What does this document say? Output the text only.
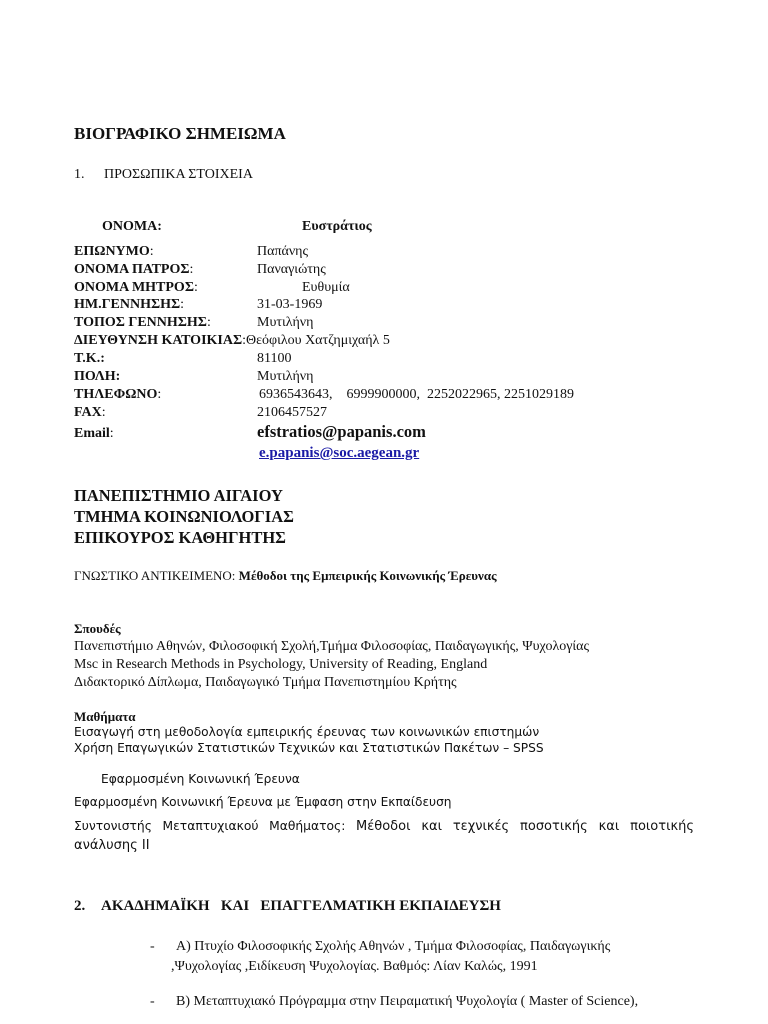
ΒΙΟΓΡΑΦΙΚΟ ΣΗΜΕΙΩΜΑ
1. ΠΡΟΣΩΠΙΚΑ ΣΤΟΙΧΕΙΑ
ΟΝΟΜΑ:	Ευστράτιος
ΕΠΩΝΥΜΟ:	Παπάνης
ΟΝΟΜΑ ΠΑΤΡΟΣ:	Παναγιώτης
ΟΝΟΜΑ ΜΗΤΡΟΣ:	Ευθυμία
ΗΜ.ΓΕΝΝΗΣΗΣ:	31-03-1969
ΤΟΠΟΣ ΓΕΝΝΗΣΗΣ:	Μυτιλήνη
ΔΙΕΥΘΥΝΣΗ ΚΑΤΟΙΚΙΑΣ:Θεόφιλου Χατζημιχαήλ 5
Τ.Κ.:	81100
ΠΟΛΗ:	Μυτιλήνη
ΤΗΛΕΦΩΝΟ:	6936543643,    6999900000,  2252022965, 2251029189
FAX:	2106457527
Email:	efstratios@papanis.com
e.papanis@soc.aegean.gr
ΠΑΝΕΠΙΣΤΗΜΙΟ ΑΙΓΑΙΟΥ
ΤΜΗΜΑ ΚΟΙΝΩΝΙΟΛΟΓΙΑΣ
ΕΠΙΚΟΥΡΟΣ ΚΑΘΗΓΗΤΗΣ
ΓΝΩΣΤΙΚΟ ΑΝΤΙΚΕΙΜΕΝΟ: Μέθοδοι της Εμπειρικής Κοινωνικής Έρευνας
Σπουδές
Πανεπιστήμιο Αθηνών, Φιλοσοφική Σχολή,Τμήμα Φιλοσοφίας, Παιδαγωγικής, Ψυχολογίας
Msc in Research Methods in Psychology, University of Reading, England
Διδακτορικό Δίπλωμα, Παιδαγωγικό Τμήμα Πανεπιστημίου Κρήτης
Μαθήματα
Εισαγωγή στη μεθοδολογία εμπειρικής έρευνας των κοινωνικών επιστημών
Χρήση Επαγωγικών Στατιστικών Τεχνικών και Στατιστικών Πακέτων – SPSS
Εφαρμοσμένη Κοινωνική Έρευνα
Εφαρμοσμένη Κοινωνική Έρευνα με Έμφαση στην Εκπαίδευση
Συντονιστής Μεταπτυχιακού Μαθήματος: Μέθοδοι και τεχνικές ποσοτικής και ποιοτικής ανάλυσης ΙΙ
2. ΑΚΑΔΗΜΑΪΚΗ   ΚΑΙ   ΕΠΑΓΓΕΛΜΑΤΙΚΗ ΕΚΠΑΙΔΕΥΣΗ
- Α) Πτυχίο Φιλοσοφικής Σχολής Αθηνών , Τμήμα Φιλοσοφίας, Παιδαγωγικής
,Ψυχολογίας ,Ειδίκευση Ψυχολογίας. Βαθμός: Λίαν Καλώς, 1991
- Β) Μεταπτυχιακό Πρόγραμμα στην Πειραματική Ψυχολογία ( Master of Science),
